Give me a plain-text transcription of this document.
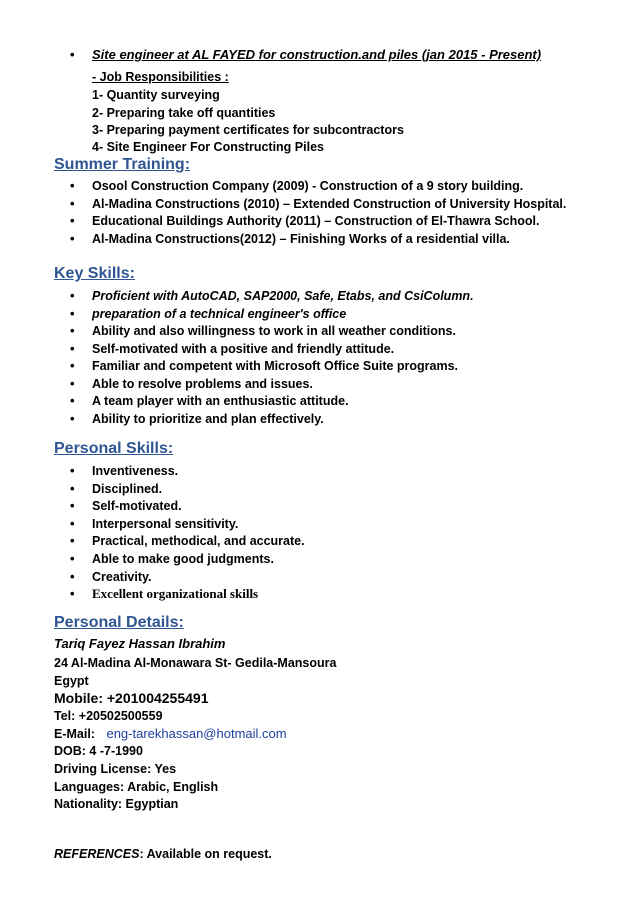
•	Site engineer at AL FAYED for construction.and piles (jan 2015 - Present)
- Job Responsibilities :
1- Quantity surveying
2- Preparing take off quantities
3- Preparing payment certificates for subcontractors
4- Site Engineer For Constructing Piles
Summer Training:
•	Osool Construction Company (2009) - Construction of a 9 story building.
•	Al-Madina Constructions (2010) – Extended Construction of University Hospital.
•	Educational Buildings Authority (2011) – Construction of El-Thawra School.
•	Al-Madina Constructions(2012) – Finishing Works of a residential villa.
Key Skills:
•	Proficient with AutoCAD, SAP2000, Safe, Etabs, and CsiColumn.
•	preparation of a technical engineer's office
•	Ability and also willingness to work in all weather conditions.
•	Self-motivated with a positive and friendly attitude.
•	Familiar and competent with Microsoft Office Suite programs.
•	Able to resolve problems and issues.
•	A team player with an enthusiastic attitude.
•	Ability to prioritize and plan effectively.
Personal Skills:
•	Inventiveness.
•	Disciplined.
•	Self-motivated.
•	Interpersonal sensitivity.
•	Practical, methodical, and accurate.
•	Able to make good judgments.
•	Creativity.
•	Excellent organizational skills
Personal Details:
Tariq Fayez Hassan Ibrahim
24 Al-Madina Al-Monawara St- Gedila-Mansoura
Egypt
Mobile: +201004255491
Tel: +20502500559
E-Mail: eng-tarekhassan@hotmail.com
DOB: 4 -7-1990
Driving License: Yes
Languages: Arabic, English
Nationality: Egyptian
REFERENCES: Available on request.
